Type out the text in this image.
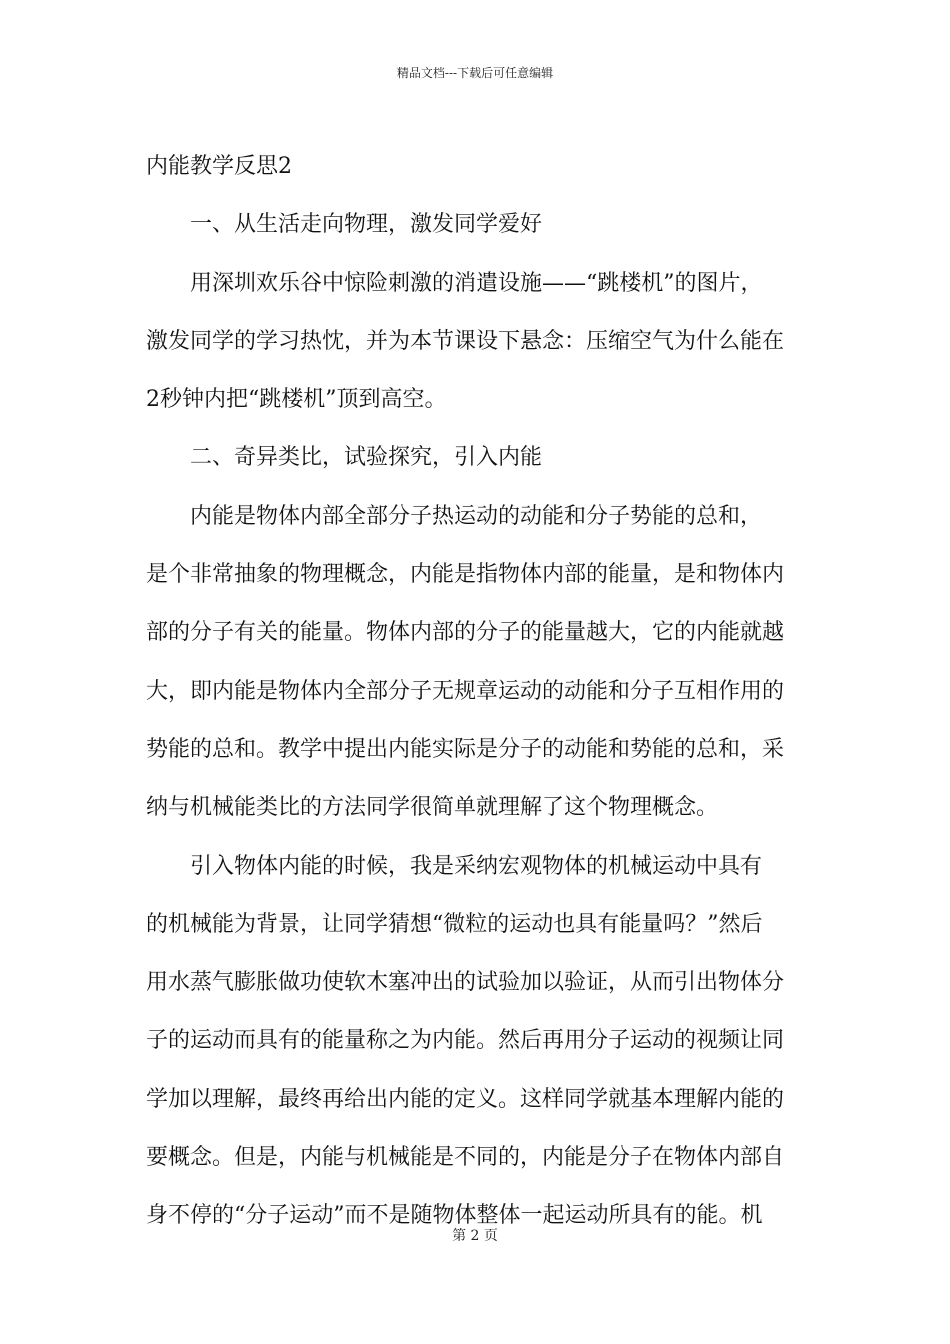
精品文档---下载后可任意编辑
内能教学反思2
　　一、从生活走向物理，激发同学爱好
　　用深圳欢乐谷中惊险刺激的消遣设施——“跳楼机”的图片，
激发同学的学习热忱，并为本节课设下悬念：压缩空气为什么能在
2秒钟内把“跳楼机”顶到高空。
　　二、奇异类比，试验探究，引入内能
　　内能是物体内部全部分子热运动的动能和分子势能的总和，
是个非常抽象的物理概念，内能是指物体内部的能量，是和物体内
部的分子有关的能量。物体内部的分子的能量越大，它的内能就越
大，即内能是物体内全部分子无规章运动的动能和分子互相作用的
势能的总和。教学中提出内能实际是分子的动能和势能的总和，采
纳与机械能类比的方法同学很简单就理解了这个物理概念。
　　引入物体内能的时候，我是采纳宏观物体的机械运动中具有
的机械能为背景，让同学猜想“微粒的运动也具有能量吗？”然后
用水蒸气膨胀做功使软木塞冲出的试验加以验证，从而引出物体分
子的运动而具有的能量称之为内能。然后再用分子运动的视频让同
学加以理解，最终再给出内能的定义。这样同学就基本理解内能的
要概念。但是，内能与机械能是不同的，内能是分子在物体内部自
身不停的“分子运动”而不是随物体整体一起运动所具有的能。机
第 2 页
